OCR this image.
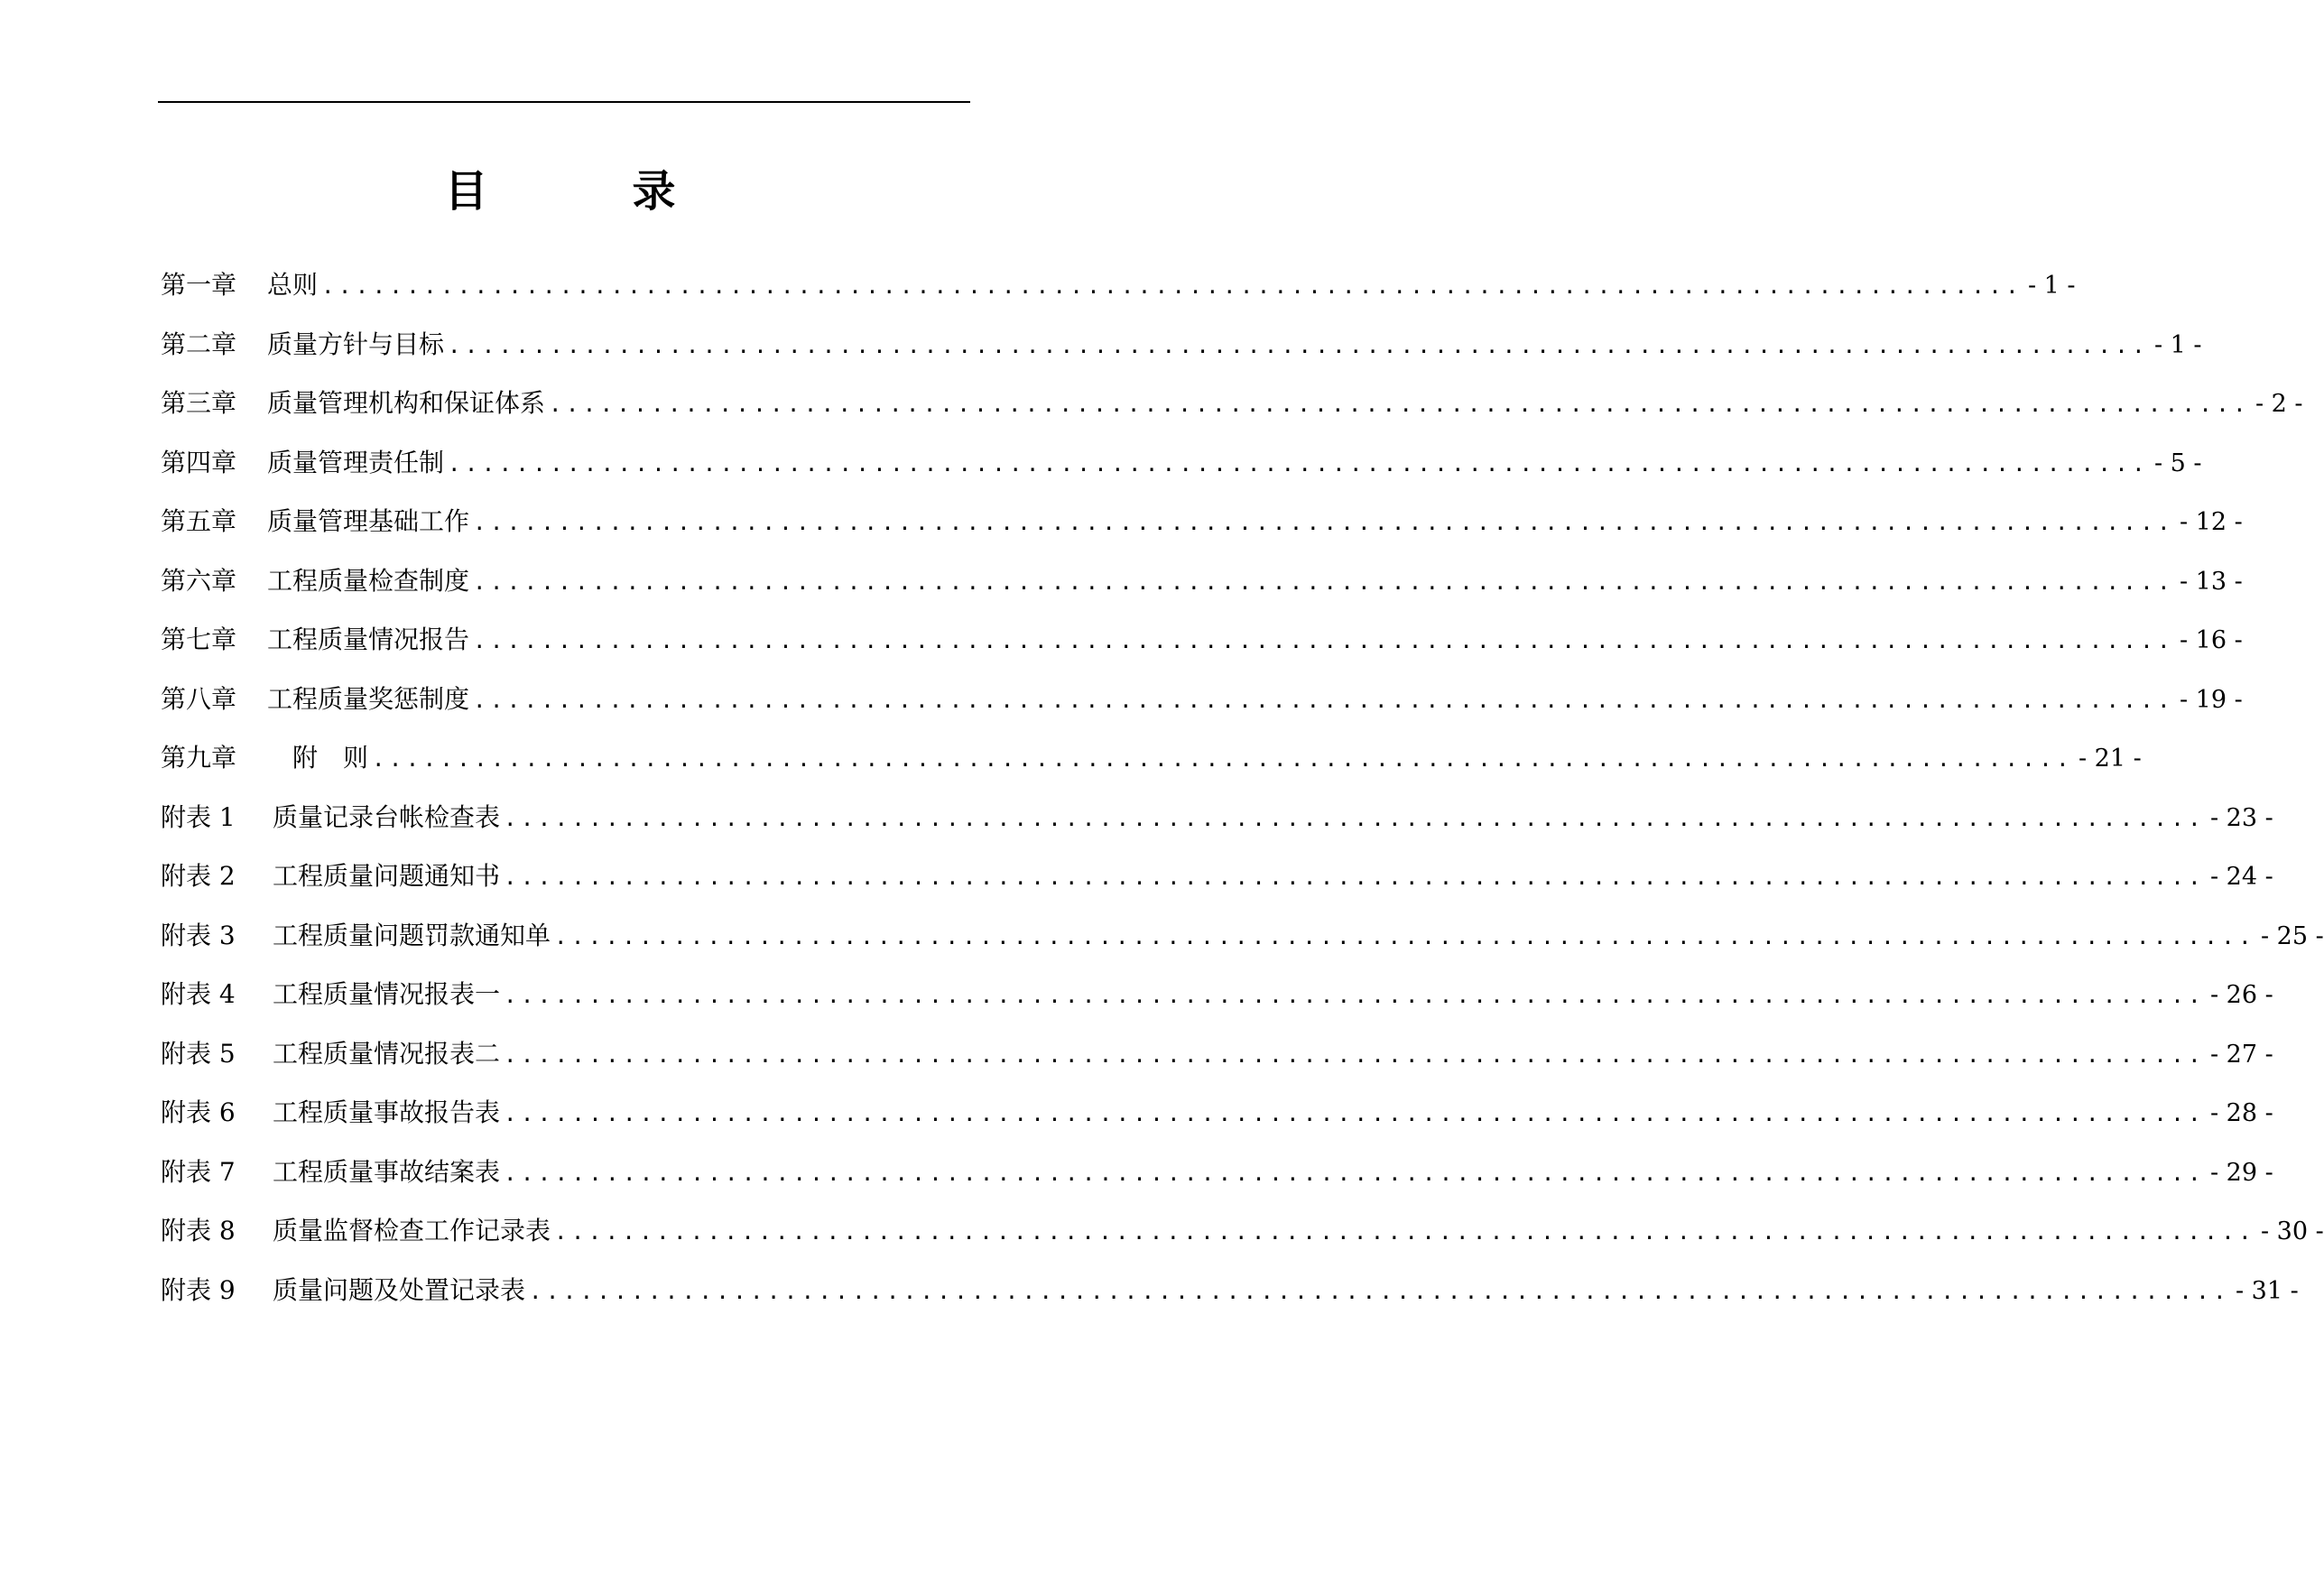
目　录
第一章	总则 .................................................................................................... - 1 -
第二章	质量方针与目标 .................................................................................................... - 1 -
第三章	质量管理机构和保证体系 .................................................................................................... - 2 -
第四章	质量管理责任制 .................................................................................................... - 5 -
第五章	质量管理基础工作 .................................................................................................... - 12 -
第六章	工程质量检查制度 .................................................................................................... - 13 -
第七章	工程质量情况报告 .................................................................................................... - 16 -
第八章	工程质量奖惩制度 .................................................................................................... - 19 -
第九章	　附　则 .................................................................................................... - 21 -
附表 1	质量记录台帐检查表 .................................................................................................... - 23 -
附表 2	工程质量问题通知书 .................................................................................................... - 24 -
附表 3	工程质量问题罚款通知单 .................................................................................................... - 25 -
附表 4	工程质量情况报表一 .................................................................................................... - 26 -
附表 5	工程质量情况报表二 .................................................................................................... - 27 -
附表 6	工程质量事故报告表 .................................................................................................... - 28 -
附表 7	工程质量事故结案表 .................................................................................................... - 29 -
附表 8	质量监督检查工作记录表 .................................................................................................... - 30 -
附表 9	质量问题及处置记录表 .................................................................................................... - 31 -
